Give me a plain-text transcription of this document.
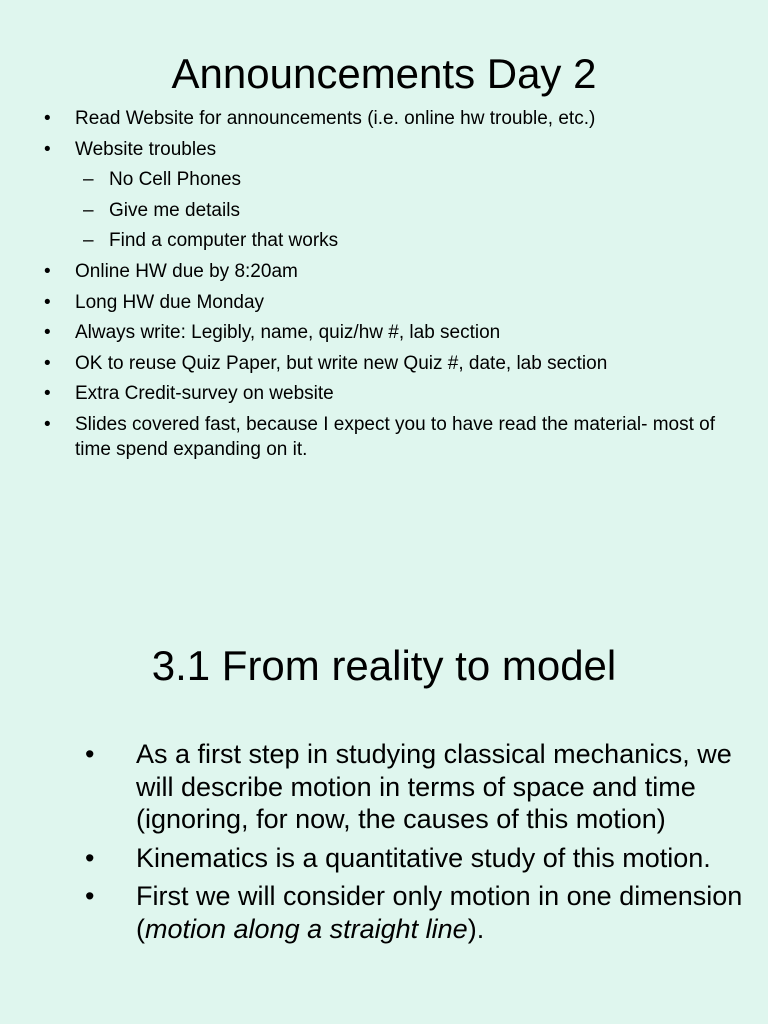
Announcements Day 2
• Read Website for announcements (i.e. online hw trouble, etc.)
• Website troubles
– No Cell Phones
– Give me details
– Find a computer that works
• Online HW due by 8:20am
• Long HW due Monday
• Always write: Legibly, name, quiz/hw #, lab section
• OK to reuse Quiz Paper, but write new Quiz #, date, lab section
• Extra Credit-survey on website
• Slides covered fast, because I expect you to have read the material- most of time spend expanding on it.
3.1 From reality to model
• As a first step in studying classical mechanics, we will describe motion in terms of space and time (ignoring, for now, the causes of this motion)
• Kinematics is a quantitative study of this motion.
• First we will consider only motion in one dimension (motion along a straight line).
